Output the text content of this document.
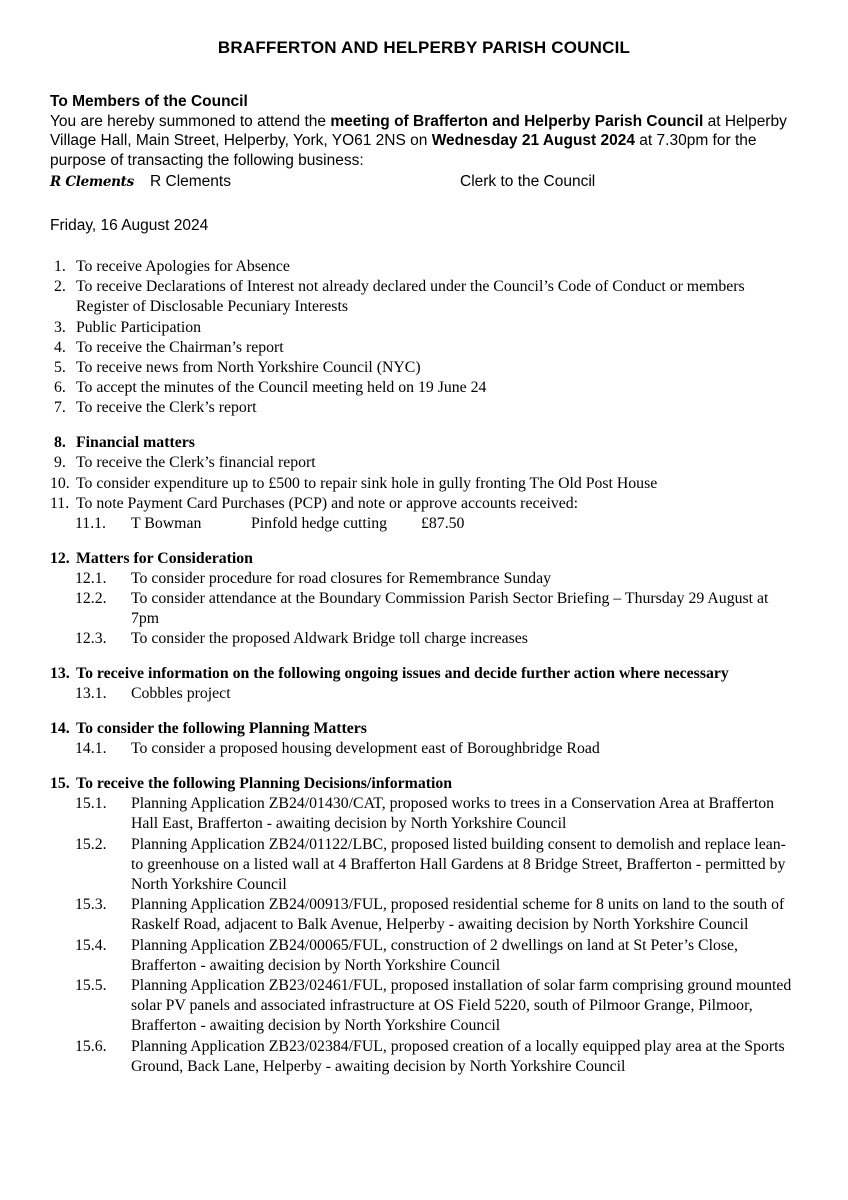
BRAFFERTON AND HELPERBY PARISH COUNCIL

To Members of the Council

You are hereby summoned to attend the meeting of Brafferton and Helperby Parish Council at Helperby Village Hall, Main Street, Helperby, York, YO61 2NS on Wednesday 21 August 2024 at 7.30pm for the purpose of transacting the following business:

R Clements	R Clements	Clerk to the Council
Friday, 16 August 2024
1. To receive Apologies for Absence
2. To receive Declarations of Interest not already declared under the Council’s Code of Conduct or members Register of Disclosable Pecuniary Interests
3. Public Participation
4. To receive the Chairman’s report
5. To receive news from North Yorkshire Council (NYC)
6. To accept the minutes of the Council meeting held on 19 June 24
7. To receive the Clerk’s report
8. Financial matters
9. To receive the Clerk’s financial report
10. To consider expenditure up to £500 to repair sink hole in gully fronting The Old Post House
11. To note Payment Card Purchases (PCP) and note or approve accounts received:
11.1.	T Bowman	Pinfold hedge cutting	£87.50
12. Matters for Consideration
12.1.	To consider procedure for road closures for Remembrance Sunday
12.2.	To consider attendance at the Boundary Commission Parish Sector Briefing – Thursday 29 August at 7pm
12.3.	To consider the proposed Aldwark Bridge toll charge increases
13. To receive information on the following ongoing issues and decide further action where necessary
13.1.	Cobbles project
14. To consider the following Planning Matters
14.1.	To consider a proposed housing development east of Boroughbridge Road
15. To receive the following Planning Decisions/information
15.1.	Planning Application ZB24/01430/CAT, proposed works to trees in a Conservation Area at Brafferton Hall East, Brafferton - awaiting decision by North Yorkshire Council
15.2.	Planning Application ZB24/01122/LBC, proposed listed building consent to demolish and replace lean-to greenhouse on a listed wall at 4 Brafferton Hall Gardens at 8 Bridge Street, Brafferton - permitted by North Yorkshire Council
15.3.	Planning Application ZB24/00913/FUL, proposed residential scheme for 8 units on land to the south of Raskelf Road, adjacent to Balk Avenue, Helperby - awaiting decision by North Yorkshire Council
15.4.	Planning Application ZB24/00065/FUL, construction of 2 dwellings on land at St Peter’s Close, Brafferton - awaiting decision by North Yorkshire Council
15.5.	Planning Application ZB23/02461/FUL, proposed installation of solar farm comprising ground mounted solar PV panels and associated infrastructure at OS Field 5220, south of Pilmoor Grange, Pilmoor, Brafferton - awaiting decision by North Yorkshire Council
15.6.	Planning Application ZB23/02384/FUL, proposed creation of a locally equipped play area at the Sports Ground, Back Lane, Helperby - awaiting decision by North Yorkshire Council
